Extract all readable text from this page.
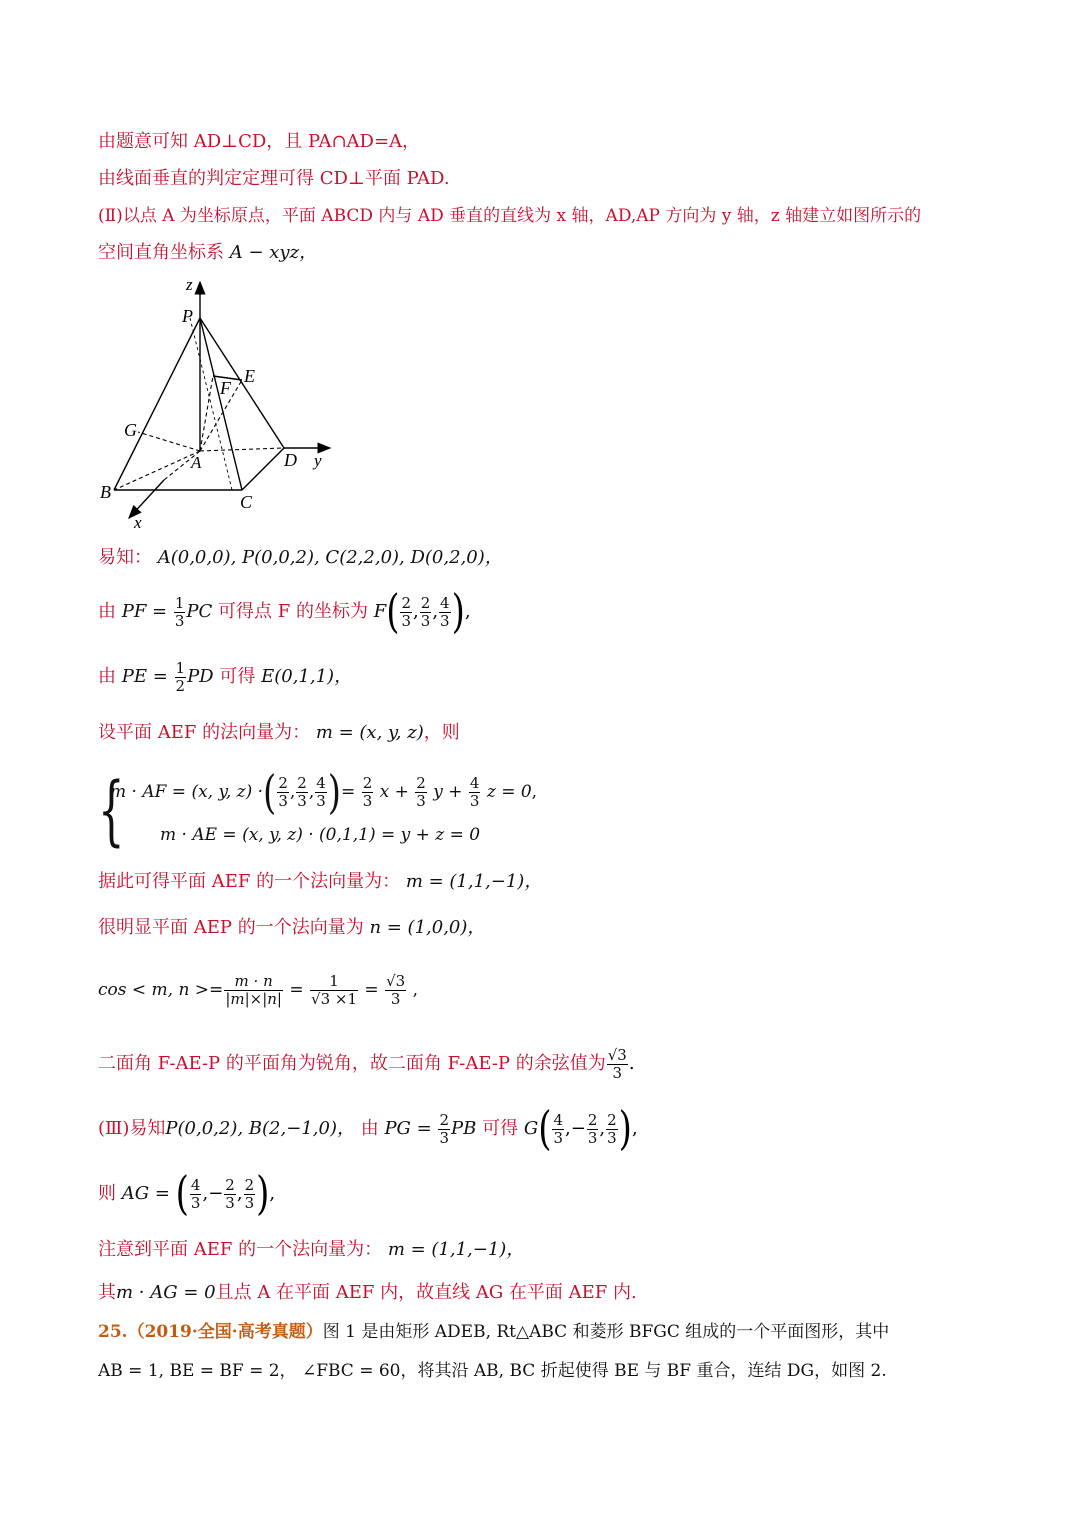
由题意可知 AD⊥CD，且 PA∩AD=A，
由线面垂直的判定定理可得 CD⊥平面 PAD.
(Ⅱ)以点 A 为坐标原点，平面 ABCD 内与 AD 垂直的直线为 x 轴，AD,AP 方向为 y 轴，z 轴建立如图所示的
空间直角坐标系 A − xyz，
z
P
E
F
G
A	D y
B	C
x
易知： A(0,0,0), P(0,0,2), C(2,2,0), D(0,2,0)，
由 PF = $\frac{1}{3}$ PC 可得点 F 的坐标为 $F( \frac{2}{3}$ , $\frac{2}{3}$ , $\frac{4}{3}$ ),
由 PE = $\frac{1}{2}$ PD 可得 E(0,1,1)，
设平面 AEF 的法向量为： m = (x, y, z)，则
{
m · AF = (x, y, z) ·( $\frac{2}{3}$ , $\frac{2}{3}$ , $\frac{4}{3}$ )= $\frac{2}{3}$ $x + \frac{2}{3}$ $y + \frac{4}{3}$ z = 0,
m · AE = (x, y, z) · (0,1,1) = y + z = 0
据此可得平面 AEF 的一个法向量为： m = (1,1,−1)，
很明显平面 AEP 的一个法向量为 n = (1,0,0)，
cos < m, $n >= \frac{m \cdot n}{|m|\times|n|} = \frac{1}{√3 \times 1} = \frac{√3}{3}$ ,
二面角 F-AE-P 的平面角为锐角，故二面角 F-AE-P 的余弦值为 $\frac{√3}{3}$ .
(Ⅲ)易知P(0,0,2), B(2,−1,0)， 由 PG = $\frac{2}{3}$ PB 可得 $G( \frac{4}{3}$ ,− $\frac{2}{3}$ , $\frac{2}{3}$ ),
则 AG = ( $\frac{4}{3}$ ,− $\frac{2}{3}$ , $\frac{2}{3}$ ),
注意到平面 AEF 的一个法向量为： m = (1,1,−1)，
其m · AG = 0且点 A 在平面 AEF 内，故直线 AG 在平面 AEF 内.
25.（2019·全国·高考真题）图 1 是由矩形 ADEB, Rt△ABC 和菱形 BFGC 组成的一个平面图形，其中
AB = 1, BE = BF = 2， ∠FBC = 60，将其沿 AB, BC 折起使得 BE 与 BF 重合，连结 DG，如图 2.
